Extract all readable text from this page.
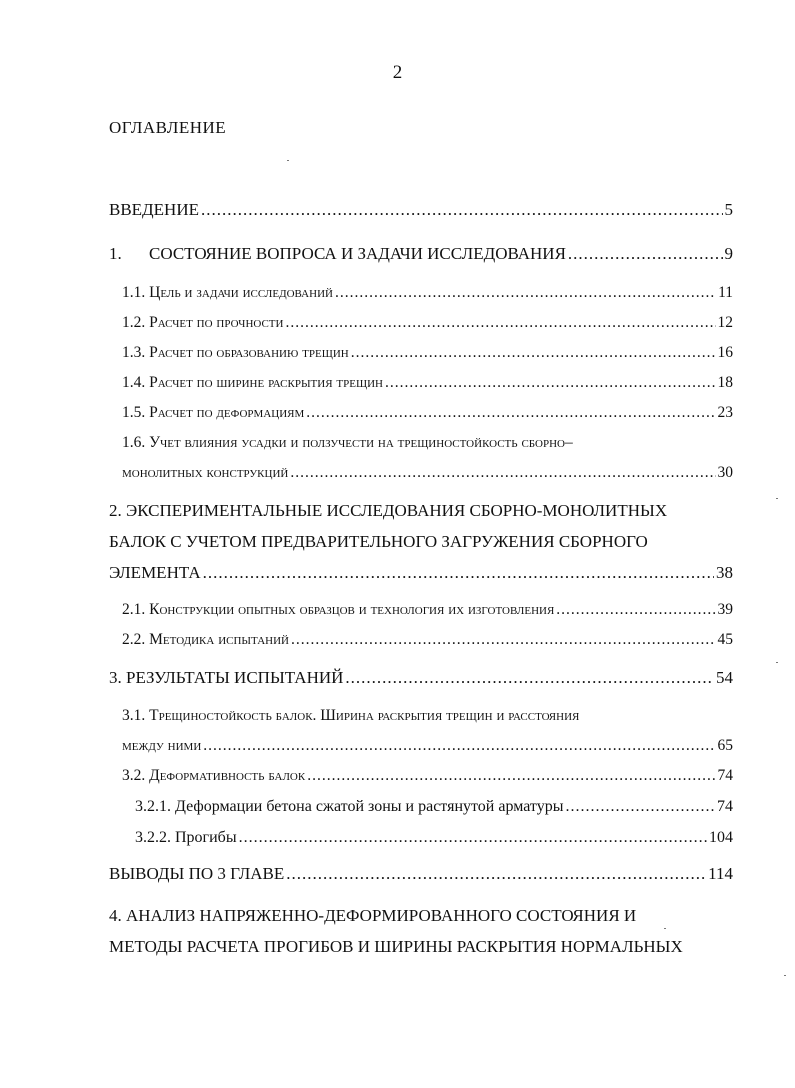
2
ОГЛАВЛЕНИЕ
ВВЕДЕНИЕ .....	5
1. СОСТОЯНИЕ ВОПРОСА И ЗАДАЧИ ИССЛЕДОВАНИЯ .....	9
1.1. Цель и задачи исследований .....	11
1.2. Расчет по прочности .....	12
1.3. Расчет по образованию трещин .....	16
1.4. Расчет по ширине раскрытия трещин .....	18
1.5. Расчет по деформациям .....	23
1.6. Учет влияния усадки и ползучести на трещиностойкость сборно–
монолитных конструкций .....	30
2. ЭКСПЕРИМЕНТАЛЬНЫЕ ИССЛЕДОВАНИЯ СБОРНО-МОНОЛИТНЫХ
БАЛОК С УЧЕТОМ ПРЕДВАРИТЕЛЬНОГО ЗАГРУЖЕНИЯ СБОРНОГО
ЭЛЕМЕНТА .....	38
2.1. Конструкции опытных образцов и технология их изготовления .....	39
2.2. Методика испытаний .....	45
3. РЕЗУЛЬТАТЫ ИСПЫТАНИЙ .....	54
3.1. Трещиностойкость балок. Ширина раскрытия трещин и расстояния
между ними .....	65
3.2. Деформативность балок .....	74
3.2.1. Деформации бетона сжатой зоны и растянутой арматуры .....	74
3.2.2. Прогибы .....	104
ВЫВОДЫ ПО 3 ГЛАВЕ .....	114
4. АНАЛИЗ НАПРЯЖЕННО-ДЕФОРМИРОВАННОГО СОСТОЯНИЯ И
МЕТОДЫ РАСЧЕТА ПРОГИБОВ И ШИРИНЫ РАСКРЫТИЯ НОРМАЛЬНЫХ
